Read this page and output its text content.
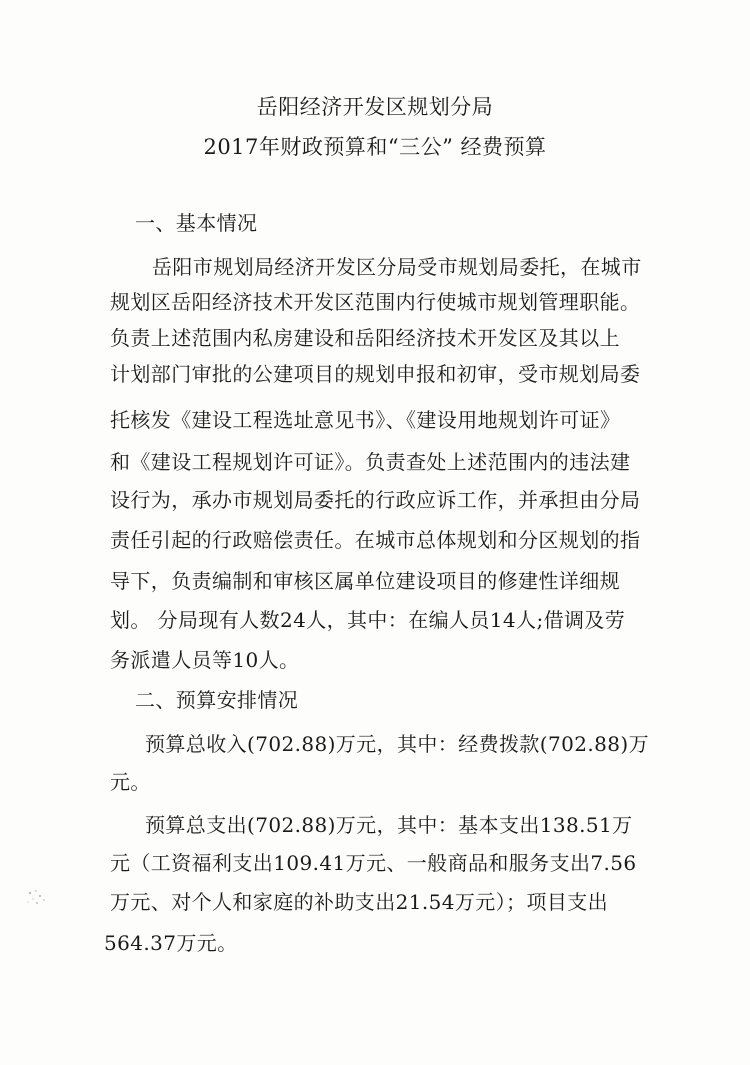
岳阳经济开发区规划分局
2017年财政预算和“三公” 经费预算
一、基本情况
岳阳市规划局经济开发区分局受市规划局委托，在城市
规划区岳阳经济技术开发区范围内行使城市规划管理职能。
负责上述范围内私房建设和岳阳经济技术开发区及其以上
计划部门审批的公建项目的规划申报和初审，受市规划局委
托核发《建设工程选址意见书》、《建设用地规划许可证》
和《建设工程规划许可证》。负责查处上述范围内的违法建
设行为，承办市规划局委托的行政应诉工作，并承担由分局
责任引起的行政赔偿责任。在城市总体规划和分区规划的指
导下，负责编制和审核区属单位建设项目的修建性详细规
划。 分局现有人数24人，其中：在编人员14人;借调及劳
务派遣人员等10人。
二、预算安排情况
预算总收入(702.88)万元，其中：经费拨款(702.88)万
元。
预算总支出(702.88)万元，其中：基本支出138.51万
元（工资福利支出109.41万元、一般商品和服务支出7.56
万元、对个人和家庭的补助支出21.54万元）；项目支出
564.37万元。
